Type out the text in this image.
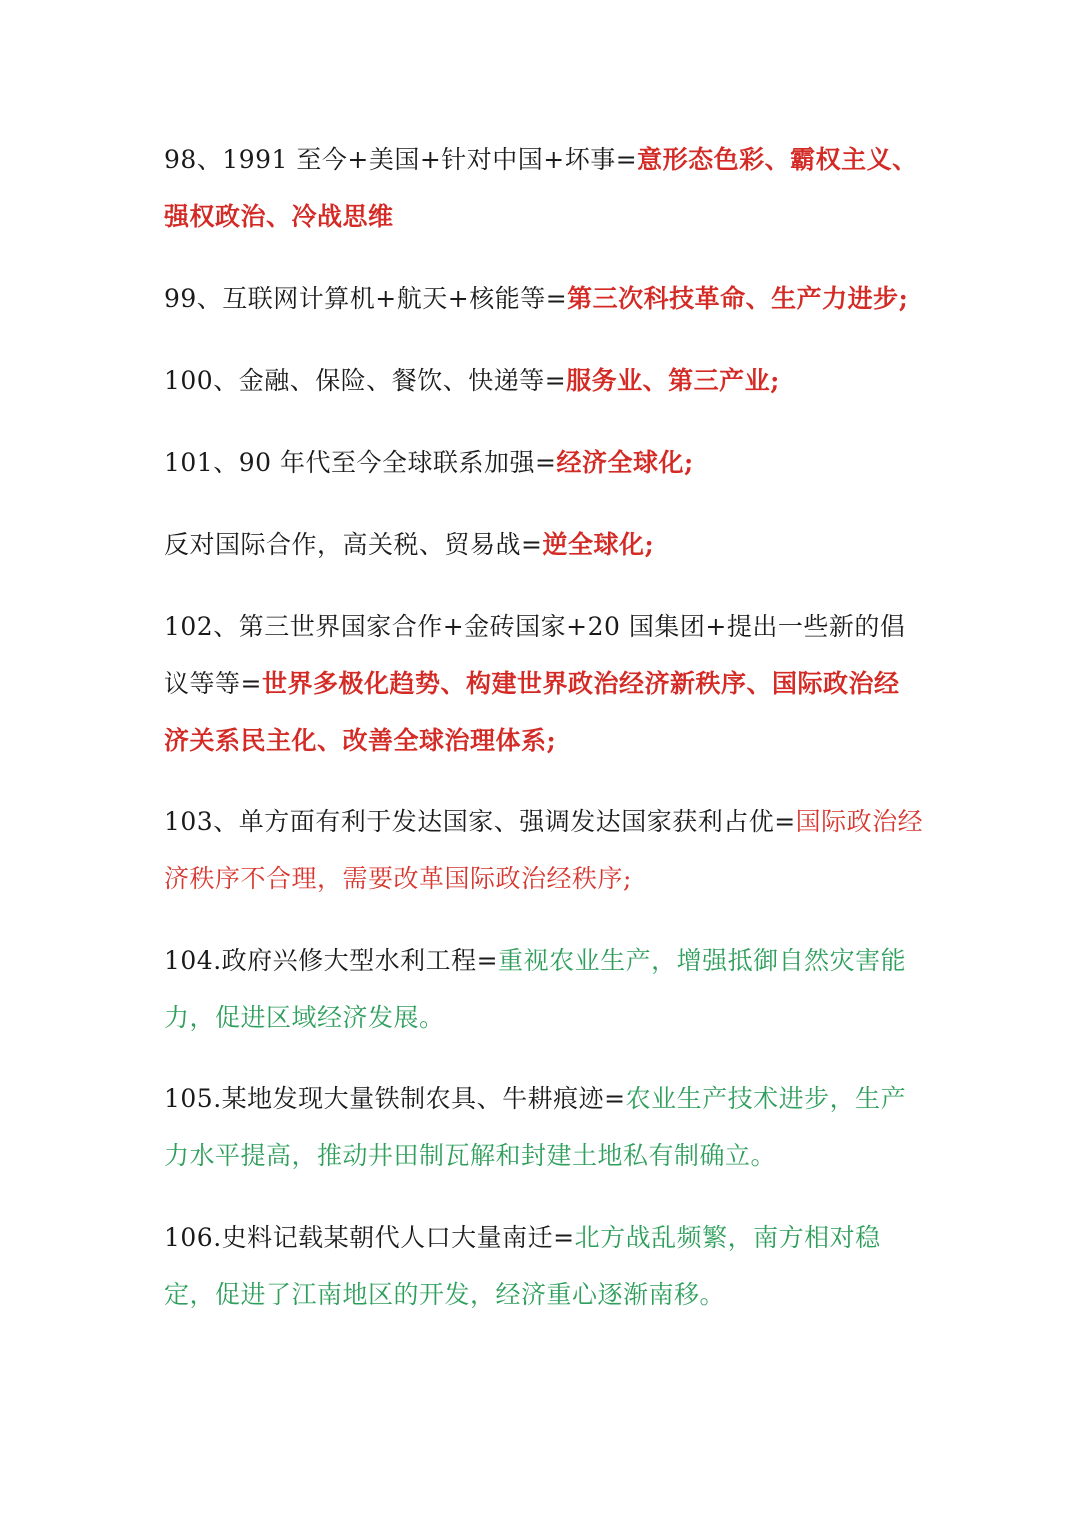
98、1991 至今+美国+针对中国+坏事=意形态色彩、霸权主义、强权政治、冷战思维

99、互联网计算机+航天+核能等=第三次科技革命、生产力进步;

100、金融、保险、餐饮、快递等=服务业、第三产业;

101、90 年代至今全球联系加强=经济全球化;

反对国际合作，高关税、贸易战=逆全球化;

102、第三世界国家合作+金砖国家+20 国集团+提出一些新的倡议等等=世界多极化趋势、构建世界政治经济新秩序、国际政治经济关系民主化、改善全球治理体系;

103、单方面有利于发达国家、强调发达国家获利占优=国际政治经济秩序不合理，需要改革国际政治经秩序;

104.政府兴修大型水利工程=重视农业生产，增强抵御自然灾害能力，促进区域经济发展。

105.某地发现大量铁制农具、牛耕痕迹=农业生产技术进步，生产力水平提高，推动井田制瓦解和封建土地私有制确立。

106.史料记载某朝代人口大量南迁=北方战乱频繁，南方相对稳定，促进了江南地区的开发，经济重心逐渐南移。
